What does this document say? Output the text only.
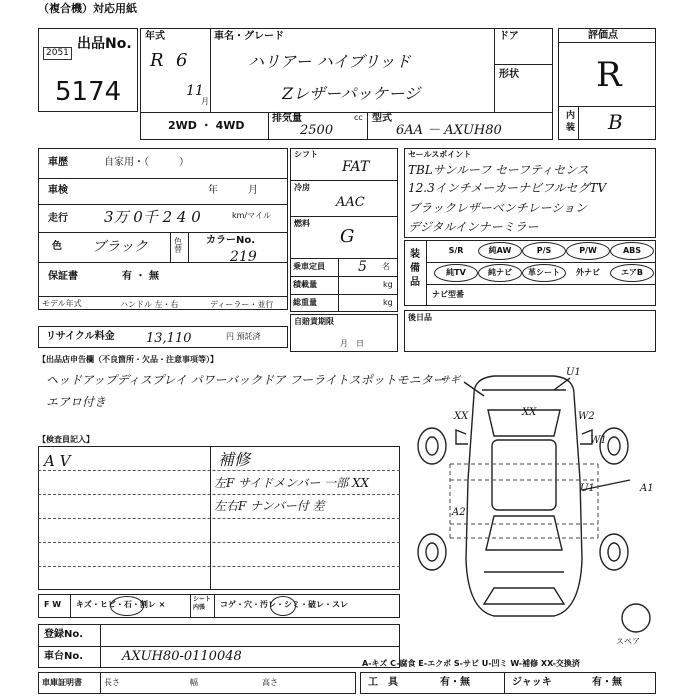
（複合機）対応用紙
出品No.
2051
5174
年式
R 6
11
月
車名・グレード
ハリアー ハイブリッド
Zレザーパッケージ
ドア
形状
2WD ・ 4WD
排気量	cc
2500
型式
6AA － AXUH80
評価点
R
内装 B
車歴	自家用・（　　　）
車検	年　　　月
走行 3万 0千 2 4 0	km/マイル
色 ブラック	色替
カラーNo.
219
保証書	有 ・ 無
モデル年式	ハンドル 左・右	ディーラー・並行
リサイクル料金 13,110	円 預託済
シフト
FAT
冷房
AAC
燃料
G
乗車定員 5 名
積載量	kg
総重量	kg
自賠責期限
月　日
セールスポイント
TBLサンルーフ セーフティセンス
12.3インチメーカーナビフルセグTV
ブラックレザーベンチレーション
デジタルインナーミラー
装備品
S/R	純AW	P/S	P/W	ABS
純TV	純ナビ	革シート	外ナビ	エアB
ナビ型番
後日品
【出品店申告欄（不良箇所・欠品・注意事項等）】
ヘッドアップディスプレイ パワーバックドア フーライトスポットモニター
エアロ付き
【検査員記入】
A V	補修
左F サイドメンバー 一部 XX
左右F ナンバー付 差
サギ
U1
XX	W2
XX
W1
U1	A1
A2
スペア
F W キズ・ヒビ・石・割レ ×
シート 内張	コゲ・穴・汚レ・シミ・破レ・スレ
登録No.
車台No.	AXUH80-0110048
車庫証明書	長さ	幅	高さ
A-キズ C-腐食 E-エクボ S-サビ U-凹ミ W-補修 XX-交換済
工　具	有・無	ジャッキ	有・無
